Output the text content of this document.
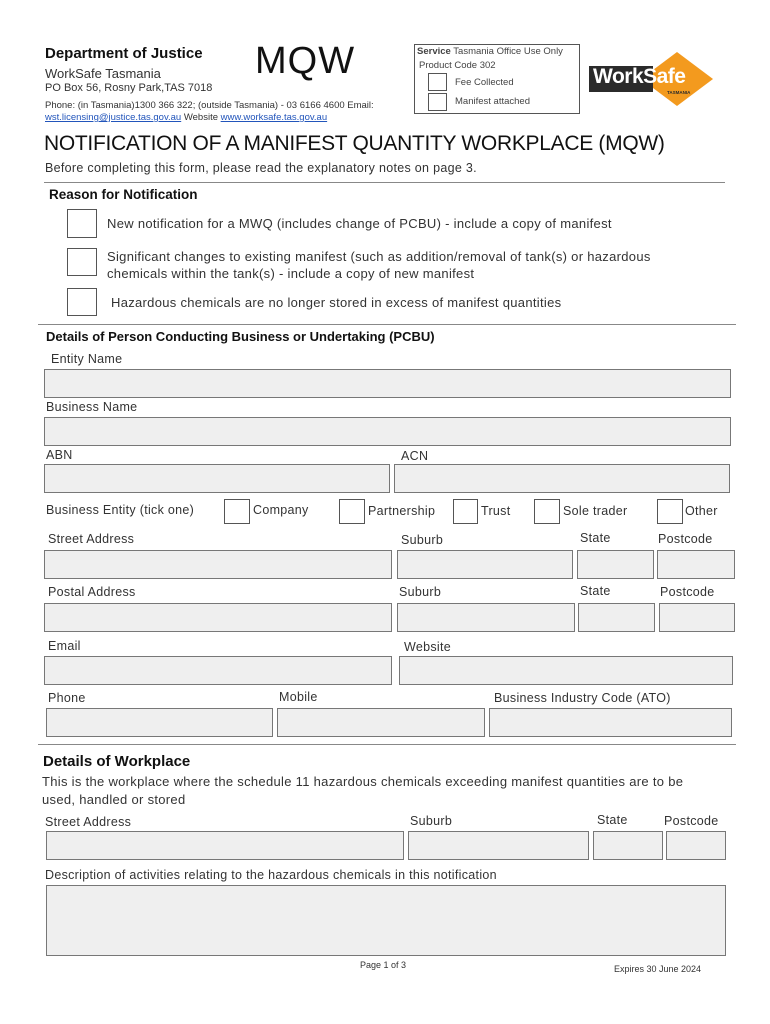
Department of Justice
WorkSafe Tasmania
PO Box 56, Rosny Park,TAS 7018
MQW
Phone: (in Tasmania)1300 366 322; (outside Tasmania) - 03 6166 4600 Email:
wst.licensing@justice.tas.gov.au Website www.worksafe.tas.gov.au
Service Tasmania Office Use Only
Product Code 302
Fee Collected
Manifest attached
WorkSafe
TASMANIA
NOTIFICATION OF A MANIFEST QUANTITY WORKPLACE (MQW)
Before completing this form, please read the explanatory notes on page 3.
Reason for Notification
New notification for a MWQ (includes change of PCBU) - include a copy of manifest
Significant changes to existing manifest (such as addition/removal of tank(s) or hazardous
chemicals within the tank(s) - include a copy of new manifest
Hazardous chemicals are no longer stored in excess of manifest quantities
Details of Person Conducting Business or Undertaking (PCBU)
Entity Name
Business Name
ABN	ACN
Business Entity (tick one)	Company	Partnership	Trust	Sole trader	Other
Street Address	Suburb	State	Postcode
Postal Address	Suburb	State	Postcode
Email	Website
Phone	Mobile	Business Industry Code (ATO)
Details of Workplace
This is the workplace where the schedule 11 hazardous chemicals exceeding manifest quantities are to be
used, handled or stored
Street Address	Suburb	State	Postcode
Description of activities relating to the hazardous chemicals in this notification
Page 1 of 3	Expires 30 June 2024
